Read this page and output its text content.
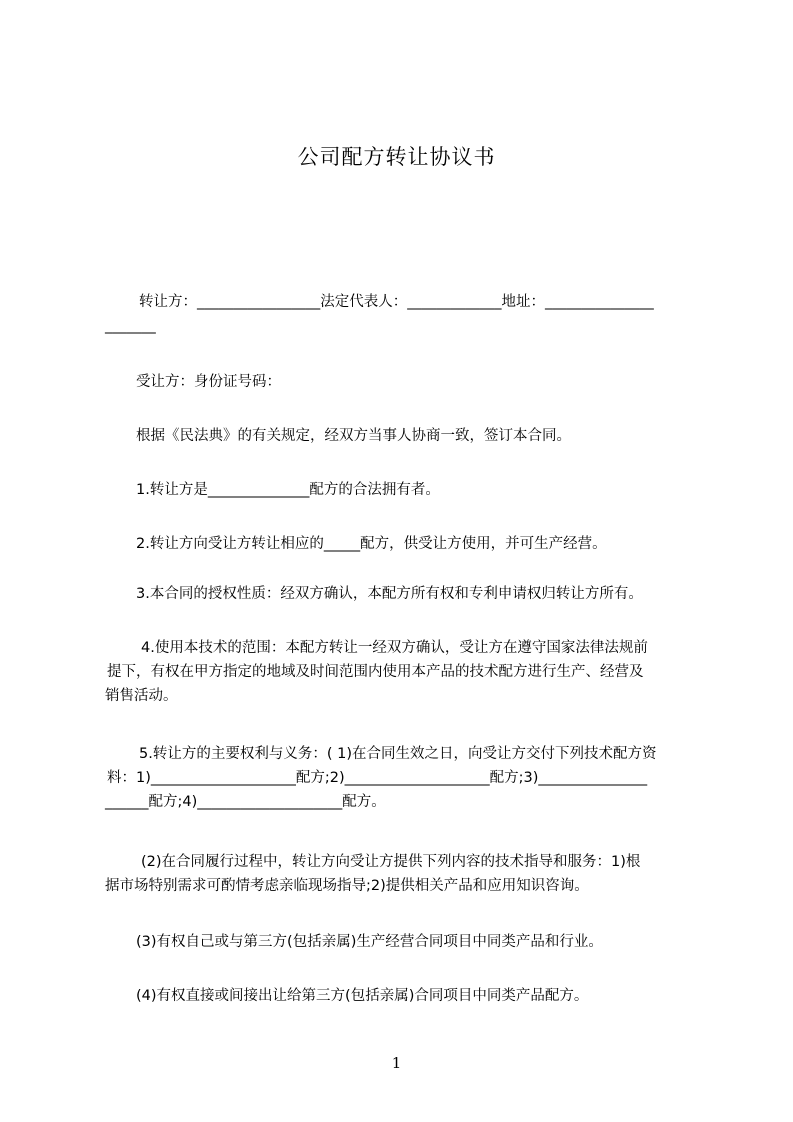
公司配方转让协议书
转让方：_________________法定代表人：_____________地址：_______________
_______
受让方：身份证号码：
根据《民法典》的有关规定，经双方当事人协商一致，签订本合同。
1.转让方是______________配方的合法拥有者。
2.转让方向受让方转让相应的_____配方，供受让方使用，并可生产经营。
3.本合同的授权性质：经双方确认，本配方所有权和专利申请权归转让方所有。
4.使用本技术的范围：本配方转让一经双方确认，受让方在遵守国家法律法规前
提下，有权在甲方指定的地域及时间范围内使用本产品的技术配方进行生产、经营及
销售活动。
5.转让方的主要权利与义务：( 1)在合同生效之日，向受让方交付下列技术配方资
料：1)____________________配方;2)____________________配方;3)_______________
______配方;4)____________________配方。
(2)在合同履行过程中，转让方向受让方提供下列内容的技术指导和服务：1)根
据市场特别需求可酌情考虑亲临现场指导;2)提供相关产品和应用知识咨询。
(3)有权自己或与第三方(包括亲属)生产经营合同项目中同类产品和行业。
(4)有权直接或间接出让给第三方(包括亲属)合同项目中同类产品配方。
1
